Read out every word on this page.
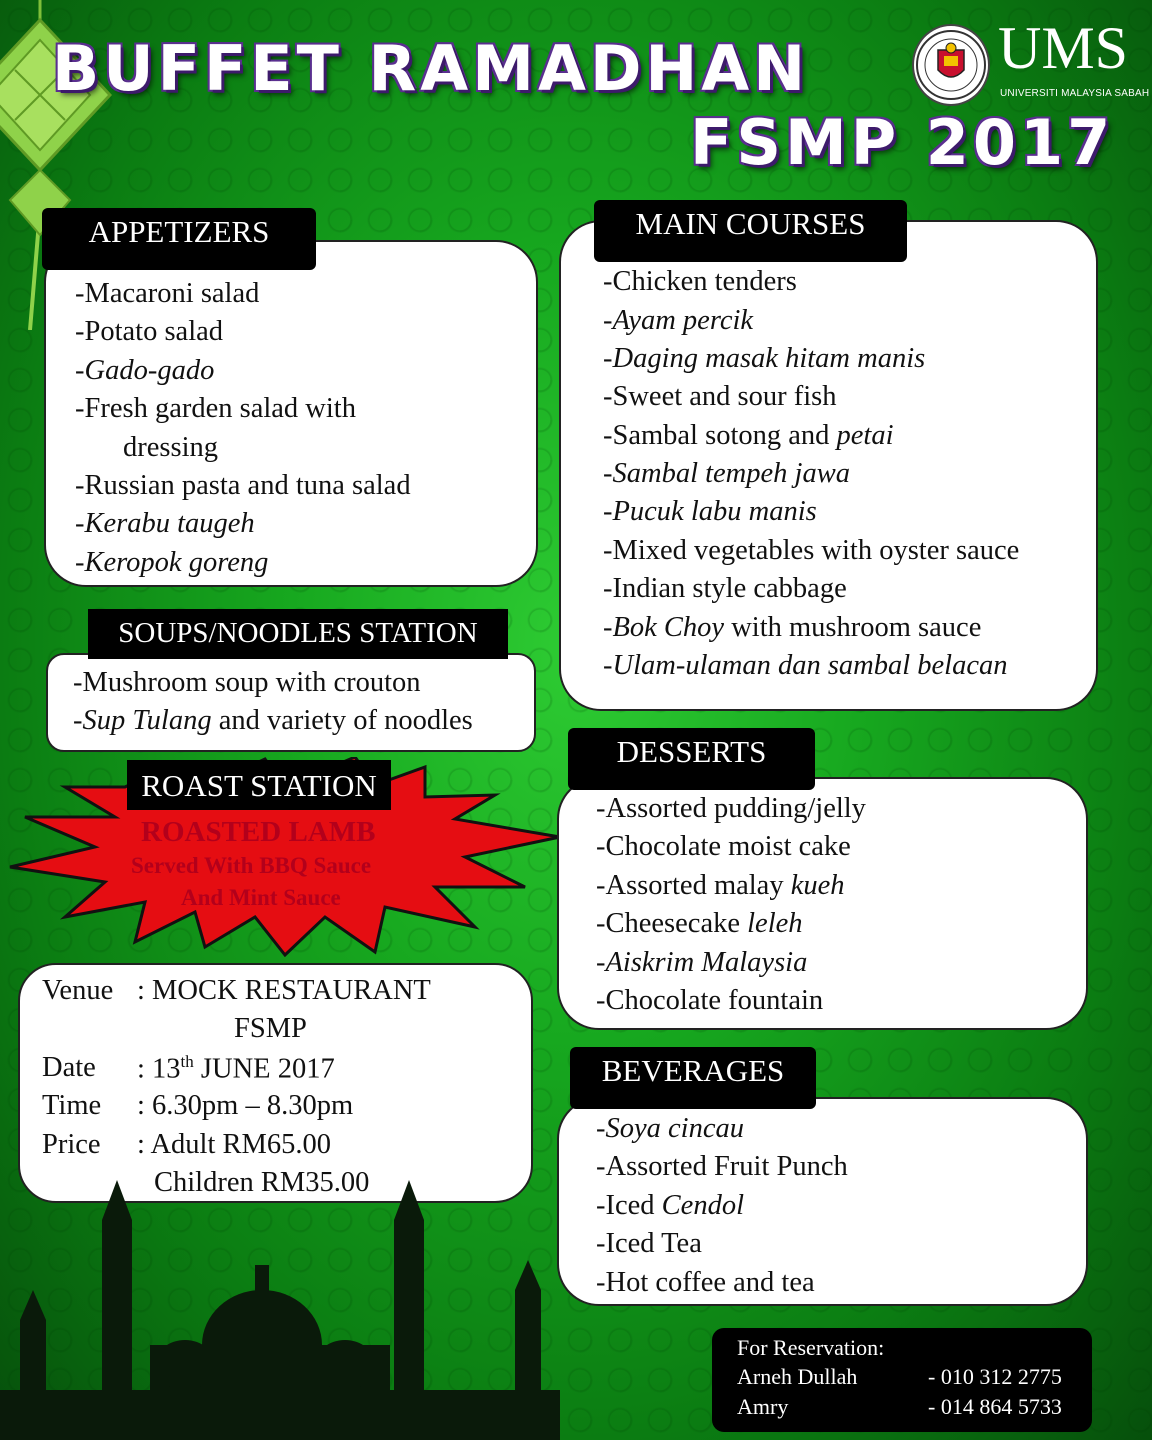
BUFFET RAMADHAN
FSMP 2017
UMS
UNIVERSITI MALAYSIA SABAH
APPETIZERS
-Macaroni salad
-Potato salad
-Gado-gado
-Fresh garden salad with
dressing
-Russian pasta and tuna salad
-Kerabu taugeh
-Keropok goreng
SOUPS/NOODLES STATION
-Mushroom soup with crouton
-Sup Tulang and variety of noodles
ROAST STATION
ROASTED LAMB
Served With BBQ Sauce
And Mint Sauce
Venue : MOCK RESTAURANT
FSMP
Date : 13th JUNE 2017
Time : 6.30pm – 8.30pm
Price : Adult RM65.00
Children RM35.00
MAIN COURSES
-Chicken tenders
-Ayam percik
-Daging masak hitam manis
-Sweet and sour fish
-Sambal sotong and petai
-Sambal tempeh jawa
-Pucuk labu manis
-Mixed vegetables with oyster sauce
-Indian style cabbage
-Bok Choy with mushroom sauce
-Ulam-ulaman dan sambal belacan
DESSERTS
-Assorted pudding/jelly
-Chocolate moist cake
-Assorted malay kueh
-Cheesecake leleh
-Aiskrim Malaysia
-Chocolate fountain
BEVERAGES
-Soya cincau
-Assorted Fruit Punch
-Iced Cendol
-Iced Tea
-Hot coffee and tea
For Reservation:
Arneh Dullah	- 010 312 2775
Amry	- 014 864 5733
